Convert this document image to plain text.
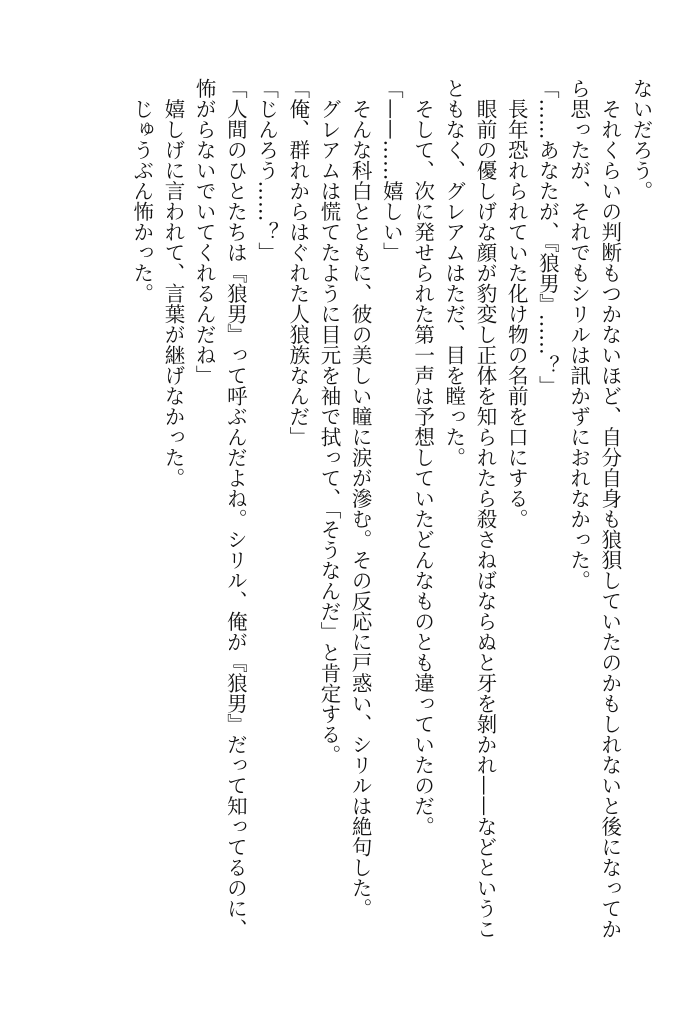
ないだろう。

　それくらいの判断もつかないほど、自分自身も狼狽していたのかもしれないと後になってか

ら思ったが、それでもシリルは訊かずにおれなかった。

「……あなたが、『狼男』……？」

　長年恐れられていた化け物の名前を口にする。

　眼前の優しげな顔が豹変し正体を知られたら殺さねばならぬと牙を剝かれ——などというこ

ともなく、グレアムはただ、目を瞠った。

　そして、次に発せられた第一声は予想していたどんなものとも違っていたのだ。

「——……嬉しい」

　そんな科白とともに、彼の美しい瞳に涙が滲む。その反応に戸惑い、シリルは絶句した。

　グレアムは慌てたように目元を袖で拭って、「そうなんだ」と肯定する。

「俺、群れからはぐれた人狼族なんだ」

「じんろう……？」

「人間のひとたちは『狼男』って呼ぶんだよね。シリル、俺が『狼男』だって知ってるのに、

怖がらないでいてくれるんだね」

　嬉しげに言われて、言葉が継げなかった。

　じゅうぶん怖かった。
